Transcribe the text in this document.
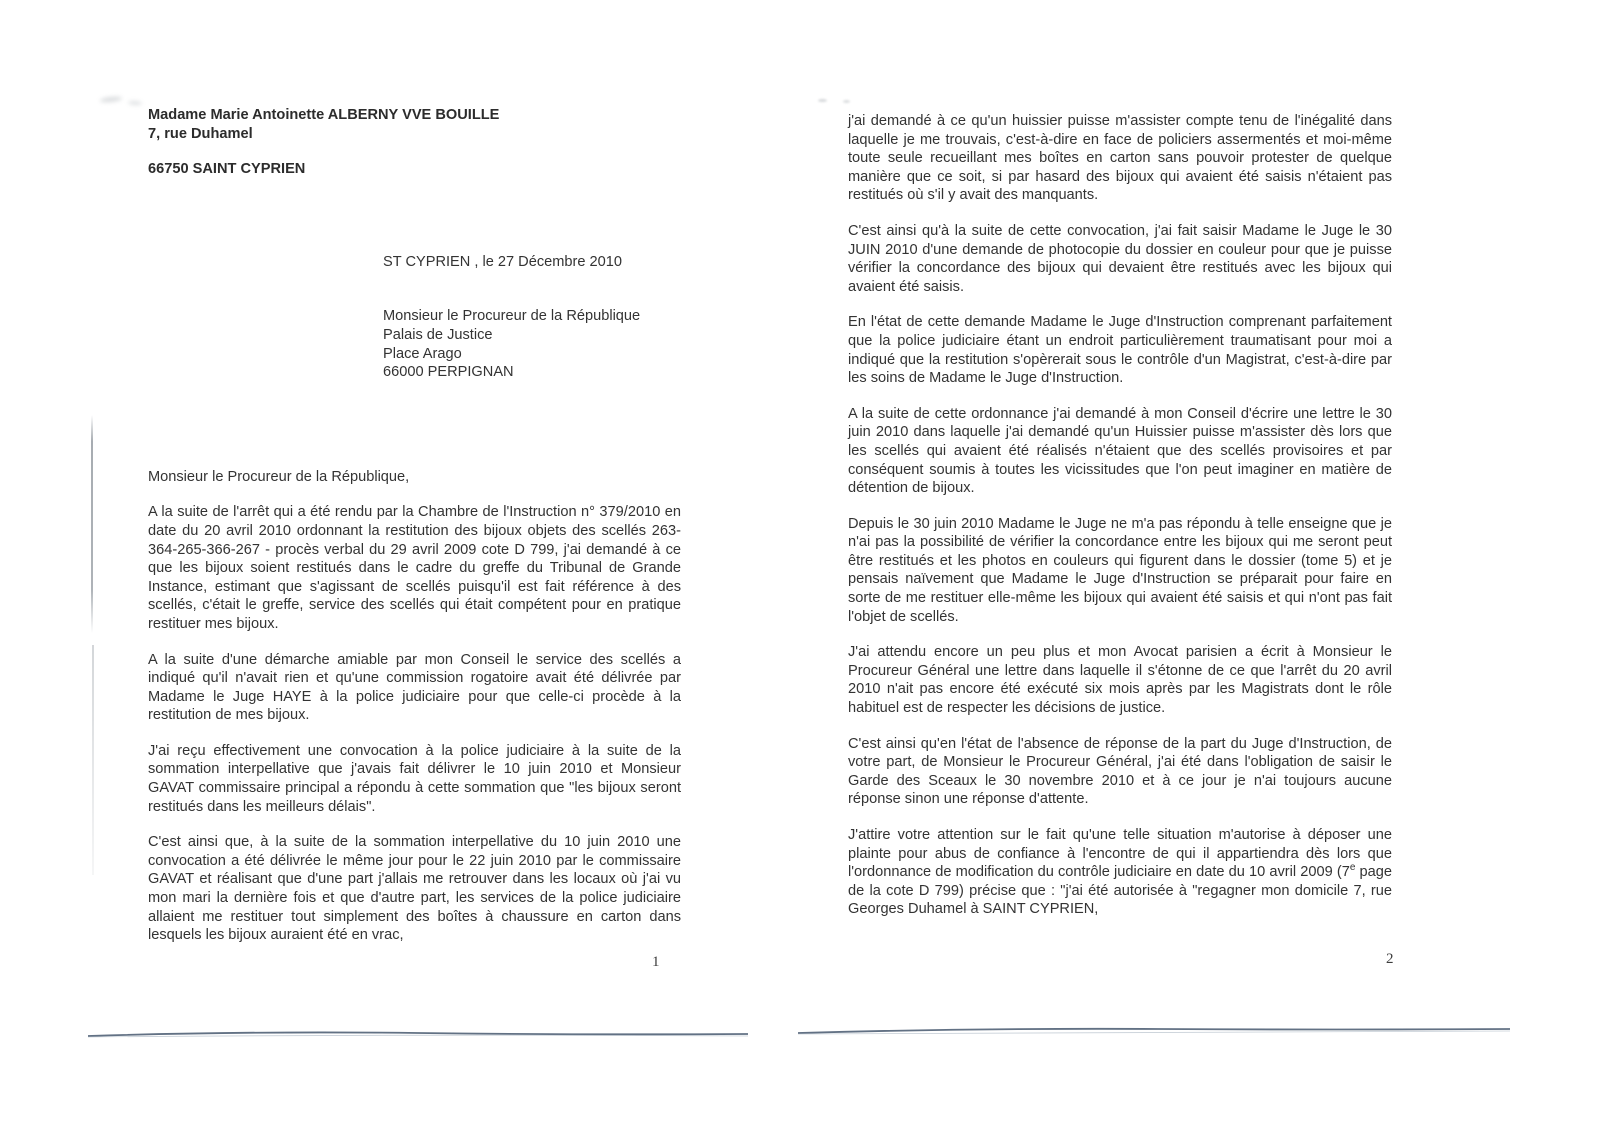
Madame Marie Antoinette ALBERNY VVE BOUILLE
7, rue Duhamel
66750 SAINT CYPRIEN
ST CYPRIEN , le 27 Décembre 2010
Monsieur le Procureur de la République
Palais de Justice
Place Arago
66000 PERPIGNAN
Monsieur le Procureur de la République,

A la suite de l'arrêt qui a été rendu par la Chambre de l'Instruction n° 379/2010 en date du 20 avril 2010 ordonnant la restitution des bijoux objets des scellés 263-364-265-366-267 - procès verbal du 29 avril 2009 cote D 799, j'ai demandé à ce que les bijoux soient restitués dans le cadre du greffe du Tribunal de Grande Instance, estimant que s'agissant de scellés puisqu'il est fait référence à des scellés, c'était le greffe, service des scellés qui était compétent pour en pratique restituer mes bijoux.

A la suite d'une démarche amiable par mon Conseil le service des scellés a indiqué qu'il n'avait rien et qu'une commission rogatoire avait été délivrée par Madame le Juge HAYE à la police judiciaire pour que celle-ci procède à la restitution de mes bijoux.

J'ai reçu effectivement une convocation à la police judiciaire à la suite de la sommation interpellative que j'avais fait délivrer le 10 juin 2010 et Monsieur GAVAT commissaire principal a répondu à cette sommation que "les bijoux seront restitués dans les meilleurs délais".

C'est ainsi que, à la suite de la sommation interpellative du 10 juin 2010 une convocation a été délivrée le même jour pour le 22 juin 2010 par le commissaire GAVAT et réalisant que d'une part j'allais me retrouver dans les locaux où j'ai vu mon mari la dernière fois et que d'autre part, les services de la police judiciaire allaient me restituer tout simplement des boîtes à chaussure en carton dans lesquels les bijoux auraient été en vrac,

1

j'ai demandé à ce qu'un huissier puisse m'assister compte tenu de l'inégalité dans laquelle je me trouvais, c'est-à-dire en face de policiers assermentés et moi-même toute seule recueillant mes boîtes en carton sans pouvoir protester de quelque manière que ce soit, si par hasard des bijoux qui avaient été saisis n'étaient pas restitués où s'il y avait des manquants.

C'est ainsi qu'à la suite de cette convocation, j'ai fait saisir Madame le Juge le 30 JUIN 2010 d'une demande de photocopie du dossier en couleur pour que je puisse vérifier la concordance des bijoux qui devaient être restitués avec les bijoux qui avaient été saisis.

En l'état de cette demande Madame le Juge d'Instruction comprenant parfaitement que la police judiciaire étant un endroit particulièrement traumatisant pour moi a indiqué que la restitution s'opèrerait sous le contrôle d'un Magistrat, c'est-à-dire par les soins de Madame le Juge d'Instruction.

A la suite de cette ordonnance j'ai demandé à mon Conseil d'écrire une lettre le 30 juin 2010 dans laquelle j'ai demandé qu'un Huissier puisse m'assister dès lors que les scellés qui avaient été réalisés n'étaient que des scellés provisoires et par conséquent soumis à toutes les vicissitudes que l'on peut imaginer en matière de détention de bijoux.

Depuis le 30 juin 2010 Madame le Juge ne m'a pas répondu à telle enseigne que je n'ai pas la possibilité de vérifier la concordance entre les bijoux qui me seront peut être restitués et les photos en couleurs qui figurent dans le dossier (tome 5) et je pensais naïvement que Madame le Juge d'Instruction se préparait pour faire en sorte de me restituer elle-même les bijoux qui avaient été saisis et qui n'ont pas fait l'objet de scellés.

J'ai attendu encore un peu plus et mon Avocat parisien a écrit à Monsieur le Procureur Général une lettre dans laquelle il s'étonne de ce que l'arrêt du 20 avril 2010 n'ait pas encore été exécuté six mois après par les Magistrats dont le rôle habituel est de respecter les décisions de justice.

C'est ainsi qu'en l'état de l'absence de réponse de la part du Juge d'Instruction, de votre part, de Monsieur le Procureur Général, j'ai été dans l'obligation de saisir le Garde des Sceaux le 30 novembre 2010 et à ce jour je n'ai toujours aucune réponse sinon une réponse d'attente.

J'attire votre attention sur le fait qu'une telle situation m'autorise à déposer une plainte pour abus de confiance à l'encontre de qui il appartiendra dès lors que l'ordonnance de modification du contrôle judiciaire en date du 10 avril 2009 (7e page de la cote D 799) précise que : "j'ai été autorisée à "regagner mon domicile 7, rue Georges Duhamel à SAINT CYPRIEN,

2
